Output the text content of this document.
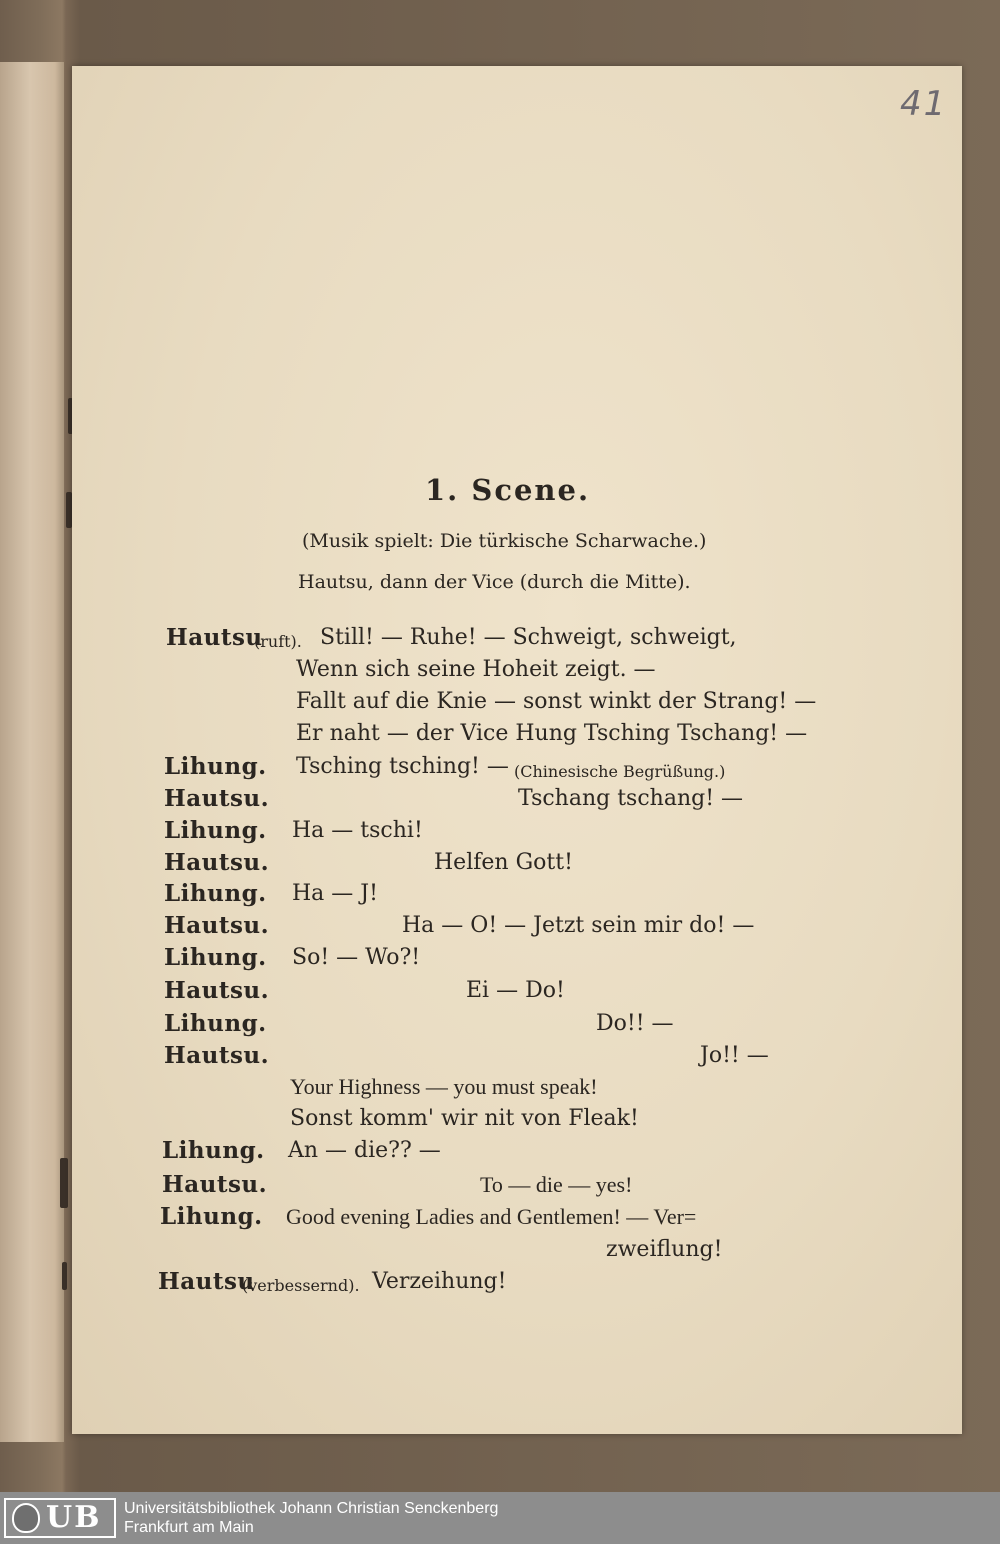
41
1. Scene.
(Musik spielt: Die türkische Scharwache.)
Hautsu, dann der Vice (durch die Mitte).
Hautsu
(ruft). Still! — Ruhe! — Schweigt, schweigt,
Wenn sich seine Hoheit zeigt. —
Fallt auf die Knie — sonst winkt der Strang! —
Er naht — der Vice Hung Tsching Tschang! —
Lihung. Tsching tsching! — (Chinesische Begrüßung.)
Hautsu.	Tschang tschang! —
Lihung. Ha — tschi!
Hautsu.	Helfen Gott!
Lihung. Ha — J!
Hautsu.	Ha — O! — Jetzt sein mir do! —
Lihung. So! — Wo?!
Hautsu.	Ei — Do!
Lihung.	Do!! —
Hautsu.	Jo!! —
Your Highness — you must speak!
Sonst komm' wir nit von Fleak!
Lihung. An — die?? —
Hautsu.	To — die — yes!
Lihung. Good evening Ladies and Gentlemen! — Ver=
zweiflung!
Hautsu
(verbessernd). Verzeihung!
UB Universitätsbibliothek Johann Christian Senckenberg
Frankfurt am Main
